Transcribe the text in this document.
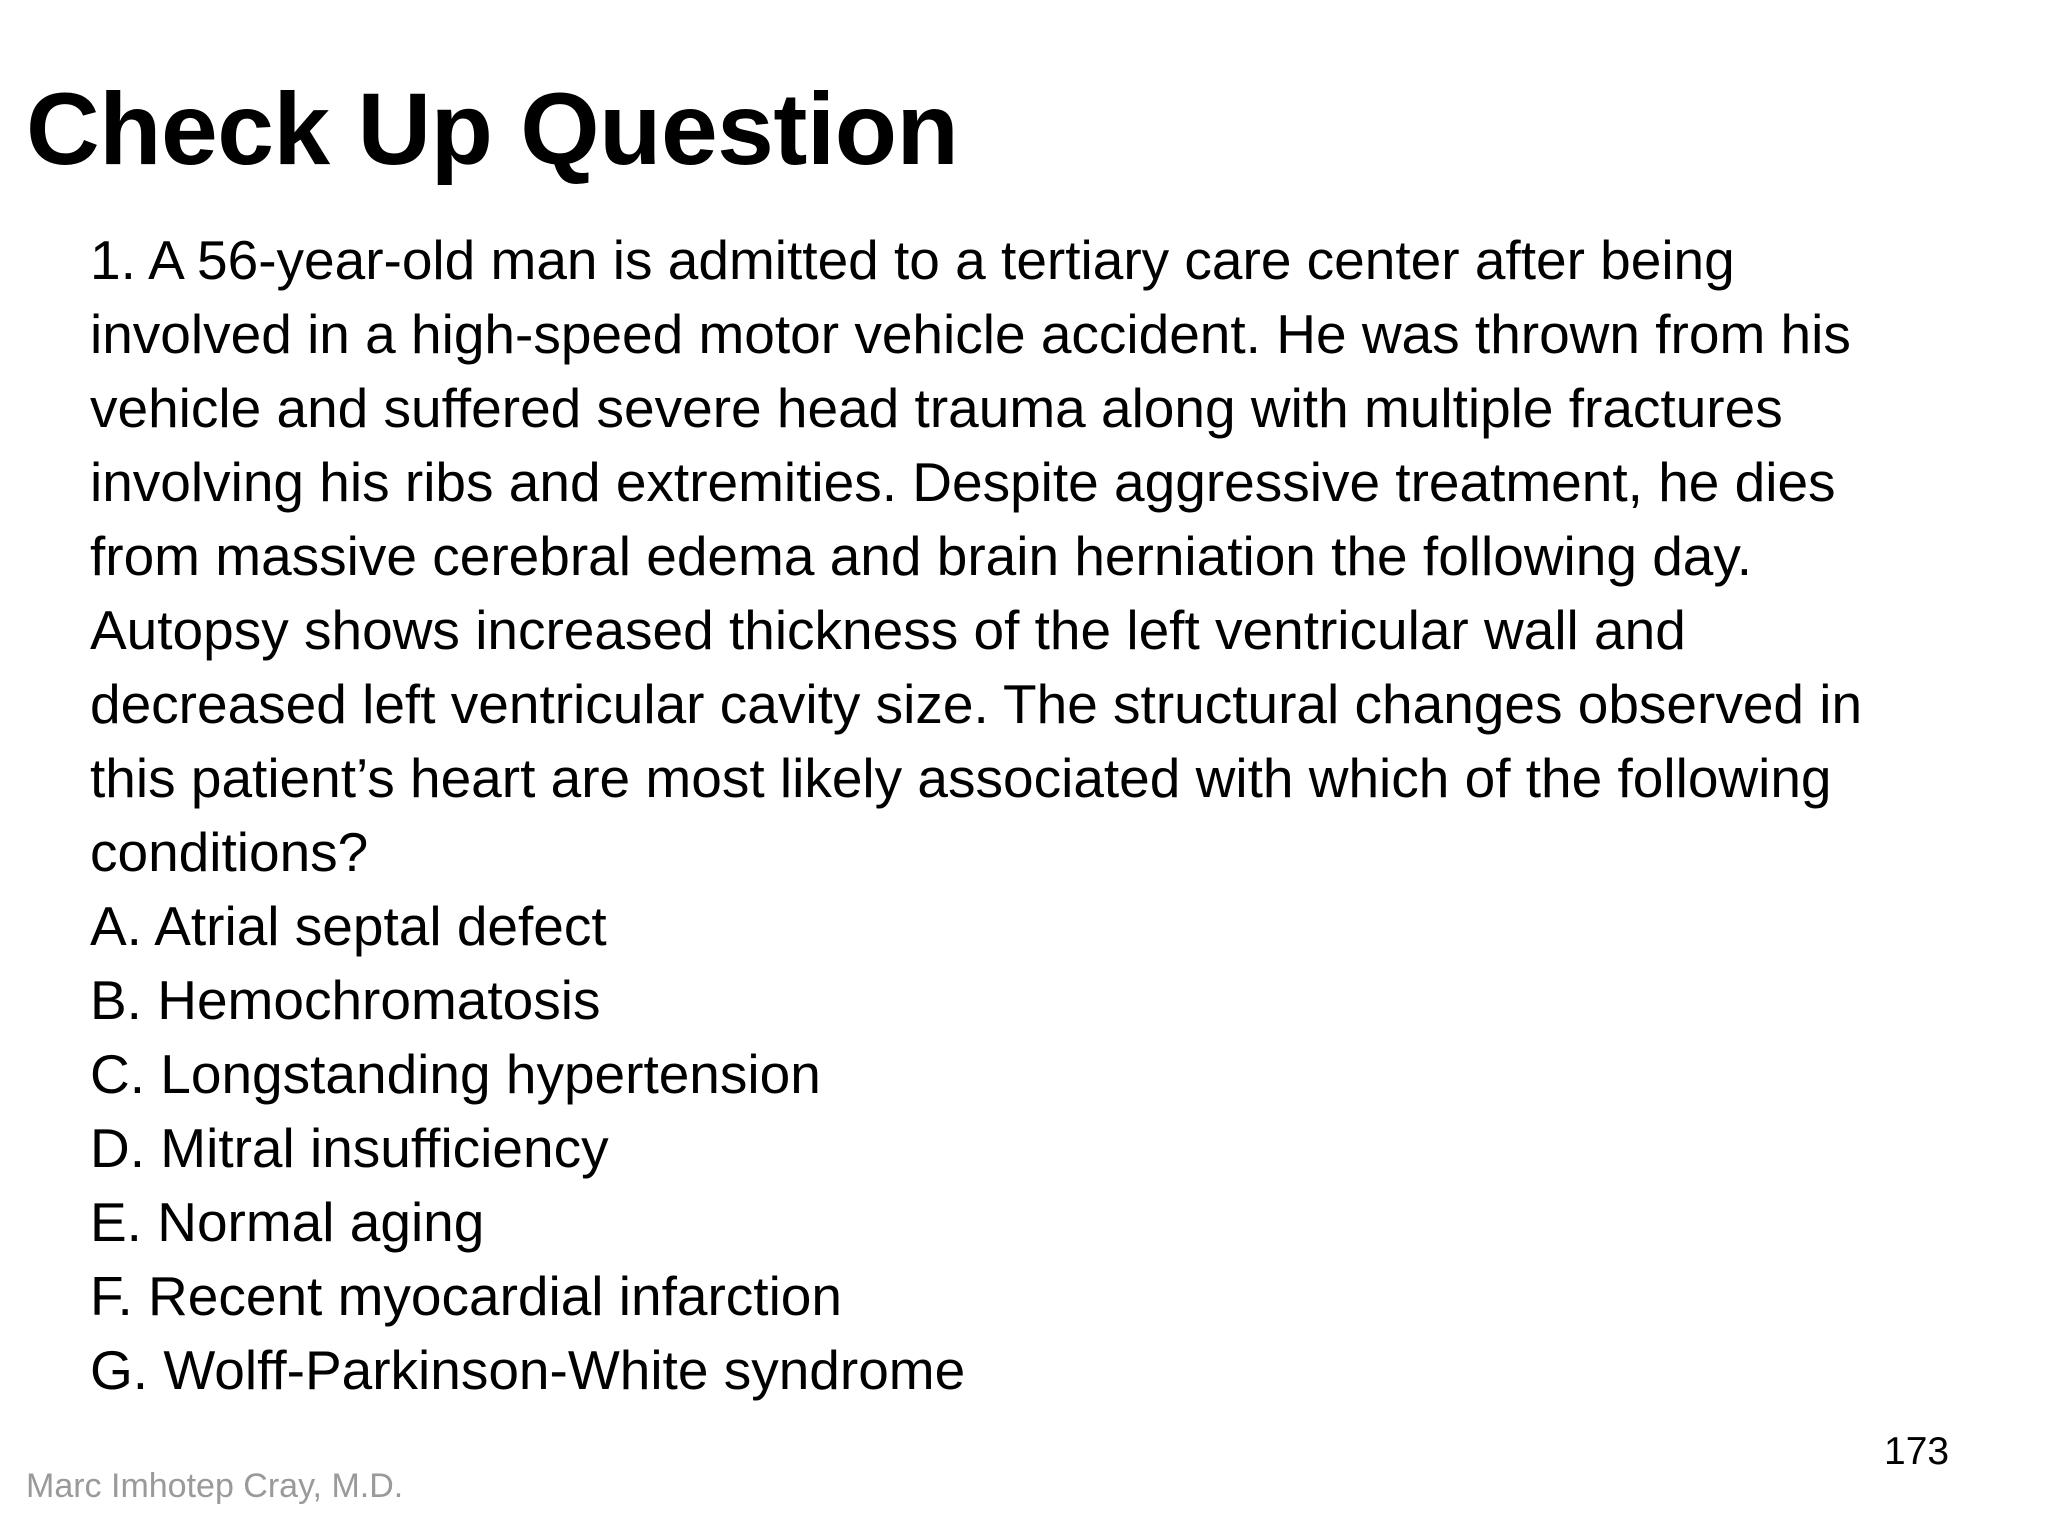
Check Up Question
1. A 56-year-old man is admitted to a tertiary care center after being
involved in a high-speed motor vehicle accident. He was thrown from his
vehicle and suffered severe head trauma along with multiple fractures
involving his ribs and extremities. Despite aggressive treatment, he dies
from massive cerebral edema and brain herniation the following day.
Autopsy shows increased thickness of the left ventricular wall and
decreased left ventricular cavity size. The structural changes observed in
this patient’s heart are most likely associated with which of the following
conditions?
A. Atrial septal defect
B. Hemochromatosis
C. Longstanding hypertension
D. Mitral insufficiency
E. Normal aging
F. Recent myocardial infarction
G. Wolff-Parkinson-White syndrome
173
Marc Imhotep Cray, M.D.
